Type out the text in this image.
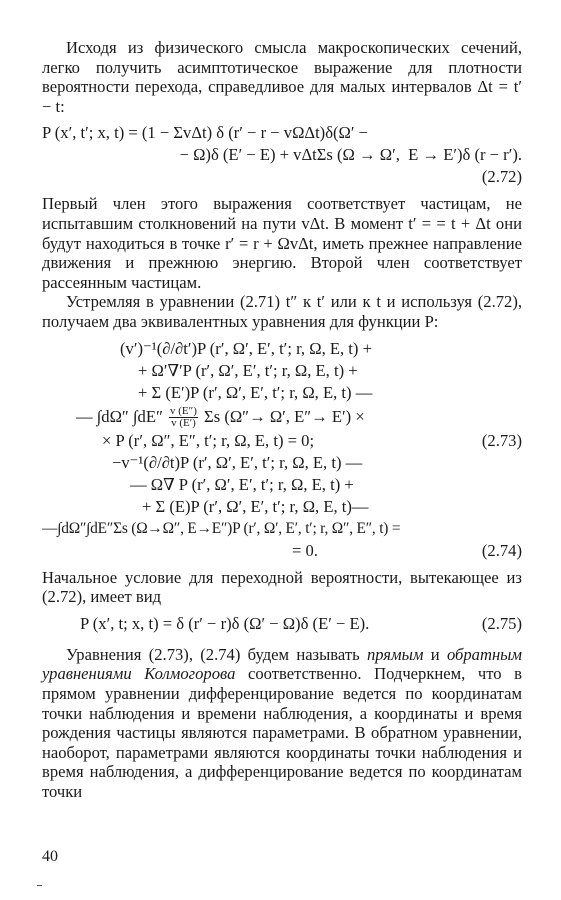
Исходя из физического смысла макроскопических сечений, легко получить асимптотическое выражение для плотности вероятности перехода, справедливое для малых интервалов Δt = t′ − t:

P (x′, t′; x, t) = (1 − ΣvΔt) δ (r′ − r − vΩΔt)δ(Ω′ −
− Ω)δ (E′ − E) + vΔtΣs (Ω → Ω′,  E → E′)δ (r − r′).
(2.72)

Первый член этого выражения соответствует частицам, не испытавшим столкновений на пути vΔt. В момент t′ = = t + Δt они будут находиться в точке r′ = r + ΩvΔt, иметь прежнее направление движения и прежнюю энергию. Второй член соответствует рассеянным частицам.

Устремляя в уравнении (2.71) t″ к t′ или к t и используя (2.72), получаем два эквивалентных уравнения для функции P:

(v′)⁻¹(∂/∂t′)P (r′, Ω′, E′, t′; r, Ω, E, t) +
+ Ω′∇′P (r′, Ω′, E′, t′; r, Ω, E, t) +
+ Σ (E′)P (r′, Ω′, E′, t′; r, Ω, E, t) —
— ∫dΩ″ $\int dE'' \frac{v (E'')}{v (E')}$ Σs (Ω″→ Ω′, E″→ E′) ×
× P (r′, Ω″, E″, t′; r, Ω, E, t) = 0;	(2.73)
−v⁻¹(∂/∂t)P (r′, Ω′, E′, t′; r, Ω, E, t) —
— Ω∇ P (r′, Ω′, E′, t′; r, Ω, E, t) +
+ Σ (E)P (r′, Ω′, E′, t′; r, Ω, E, t)—
—∫dΩ″∫dE″Σs (Ω→Ω″, E→E″)P (r′, Ω′, E′, t′; r, Ω″, E″, t) =
= 0.	(2.74)

Начальное условие для переходной вероятности, вытекающее из (2.72), имеет вид

P (x′, t; x, t) = δ (r′ − r)δ (Ω′ − Ω)δ (E′ − E).	(2.75)

Уравнения (2.73), (2.74) будем называть прямым и обратным уравнениями Колмогорова соответственно. Подчеркнем, что в прямом уравнении дифференцирование ведется по координатам точки наблюдения и времени наблюдения, а координаты и время рождения частицы являются параметрами. В обратном уравнении, наоборот, параметрами являются координаты точки наблюдения и время наблюдения, а дифференцирование ведется по координатам точки

40
